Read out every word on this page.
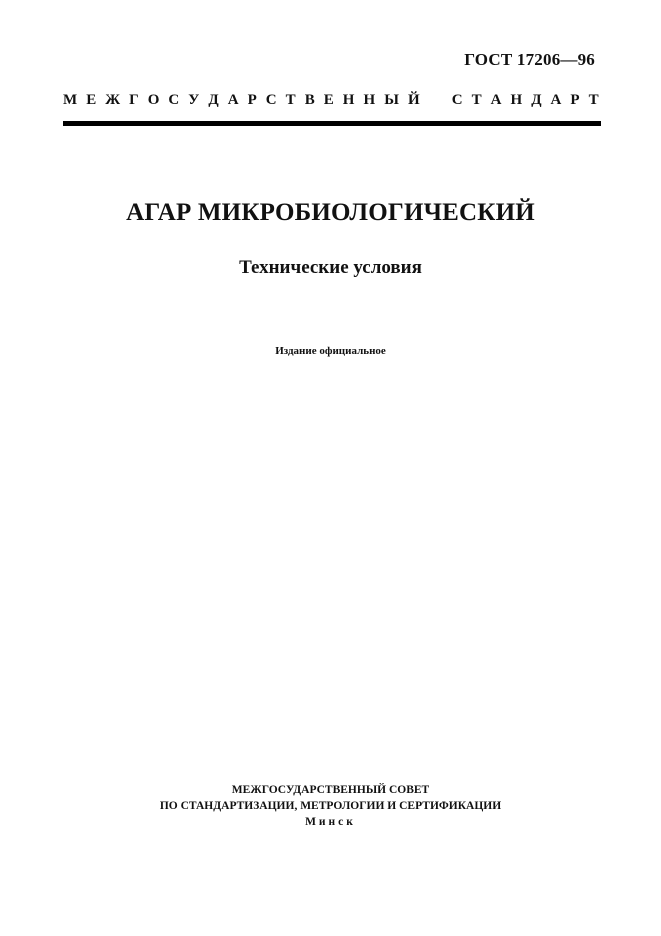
ГОСТ 17206—96
М Е Ж Г О С У Д А Р С Т В Е Н Н Ы Й С Т А Н Д А Р Т
АГАР МИКРОБИОЛОГИЧЕСКИЙ
Технические условия
Издание официальное
МЕЖГОСУДАРСТВЕННЫЙ СОВЕТ
ПО СТАНДАРТИЗАЦИИ, МЕТРОЛОГИИ И СЕРТИФИКАЦИИ
Минск
